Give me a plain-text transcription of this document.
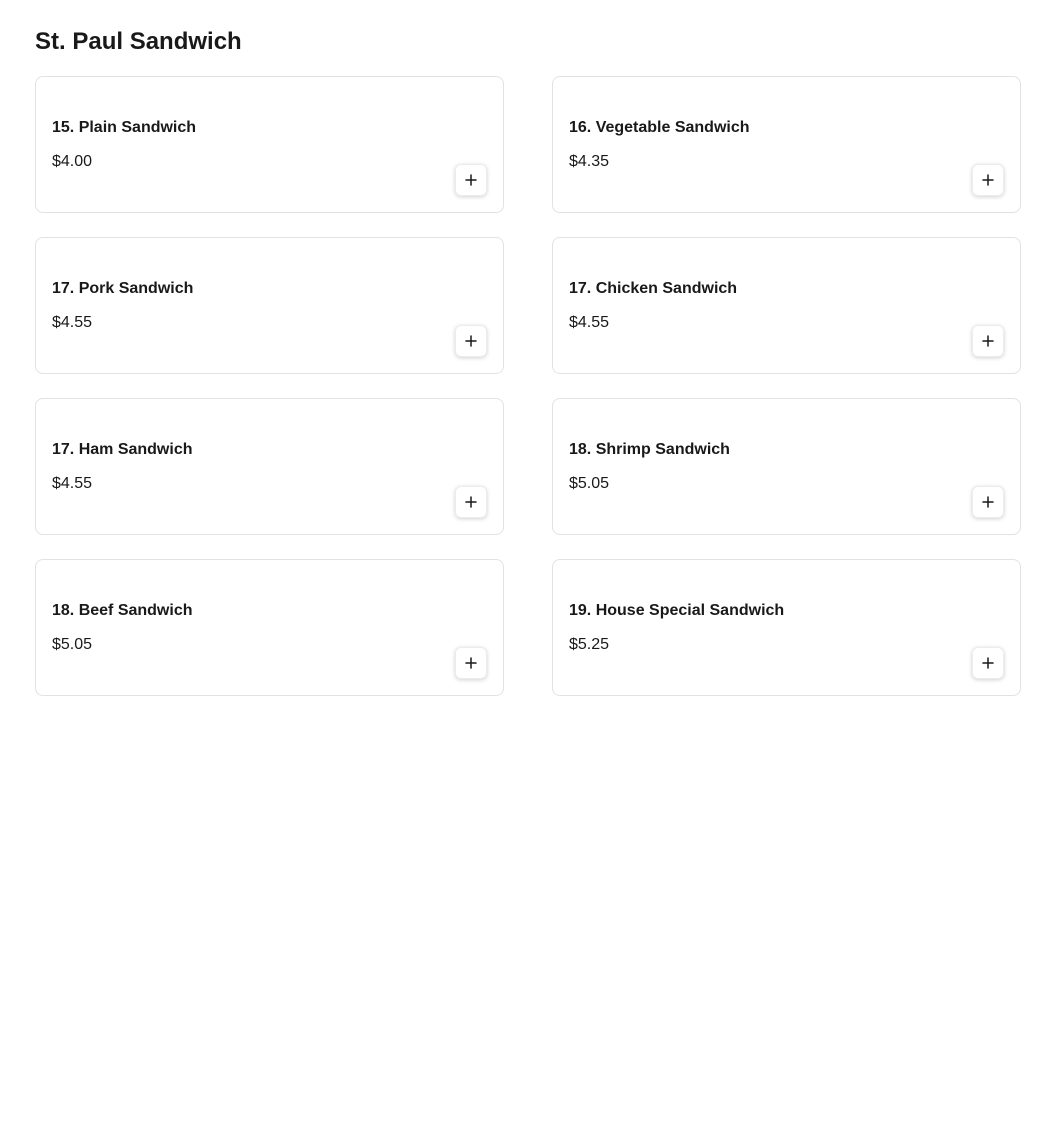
St. Paul Sandwich

15. Plain Sandwich

$4.00

16. Vegetable Sandwich

$4.35

17. Pork Sandwich

$4.55

17. Chicken Sandwich

$4.55

17. Ham Sandwich

$4.55

18. Shrimp Sandwich

$5.05

18. Beef Sandwich

$5.05

19. House Special Sandwich

$5.25
